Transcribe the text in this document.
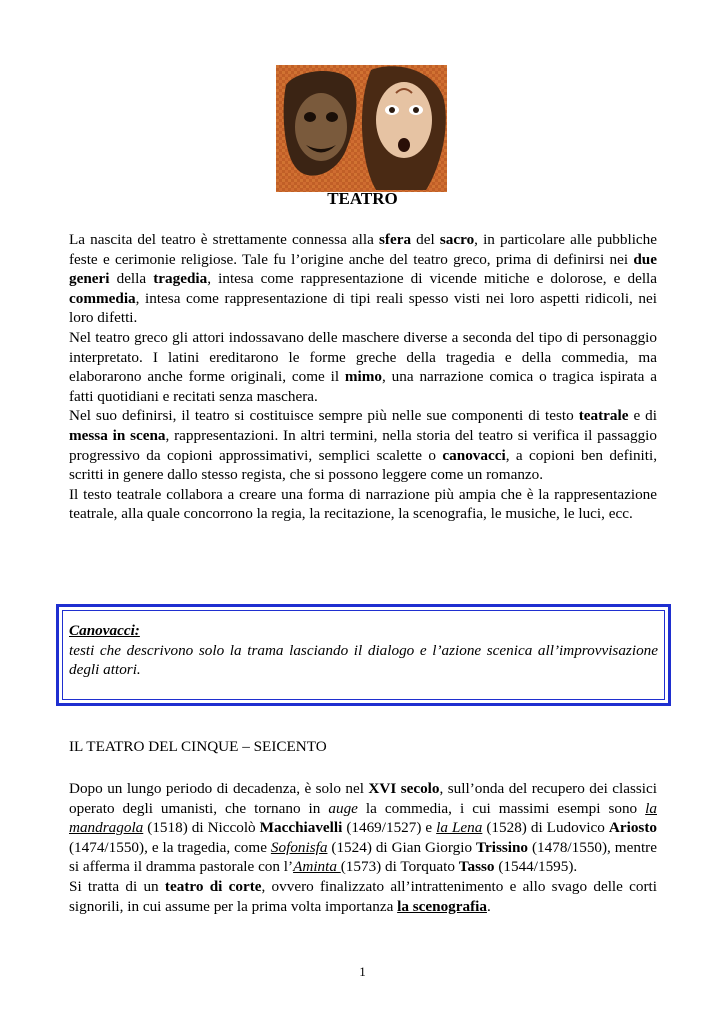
TEATRO

La nascita del teatro è strettamente connessa alla sfera del sacro, in particolare alle pubbliche feste e cerimonie religiose. Tale fu l’origine anche del teatro greco, prima di definirsi nei due generi della tragedia, intesa come rappresentazione di vicende mitiche e dolorose, e della commedia, intesa come rappresentazione di tipi reali spesso visti nei loro aspetti ridicoli, nei loro difetti.

Nel teatro greco gli attori indossavano delle maschere diverse a seconda del tipo di personaggio interpretato. I latini ereditarono le forme greche della tragedia e della commedia, ma elaborarono anche forme originali, come il mimo, una narrazione comica o tragica ispirata a fatti quotidiani e recitati senza maschera.

Nel suo definirsi, il teatro si costituisce sempre più nelle sue componenti di testo teatrale e di messa in scena, rappresentazioni. In altri termini, nella storia del teatro si verifica il passaggio progressivo da copioni approssimativi, semplici scalette o canovacci, a copioni ben definiti, scritti in genere dallo stesso regista, che si possono leggere come un romanzo.

Il testo teatrale collabora a creare una forma di narrazione più ampia che è la rappresentazione teatrale, alla quale concorrono la regia, la recitazione, la scenografia, le musiche, le luci, ecc.

Canovacci:
testi che descrivono solo la trama lasciando il dialogo e l’azione scenica all’improvvisazione degli attori.
IL TEATRO DEL CINQUE – SEICENTO

Dopo un lungo periodo di decadenza, è solo nel XVI secolo, sull’onda del recupero dei classici operato degli umanisti, che tornano in auge la commedia, i cui massimi esempi sono la mandragola (1518) di Niccolò Macchiavelli (1469/1527) e la Lena (1528) di Ludovico Ariosto (1474/1550), e la tragedia, come Sofonisfa (1524) di Gian Giorgio Trissino (1478/1550), mentre si afferma il dramma pastorale con l’Aminta (1573) di Torquato Tasso (1544/1595).

Si tratta di un teatro di corte, ovvero finalizzato all’intrattenimento e allo svago delle corti signorili, in cui assume per la prima volta importanza la scenografia.

1
